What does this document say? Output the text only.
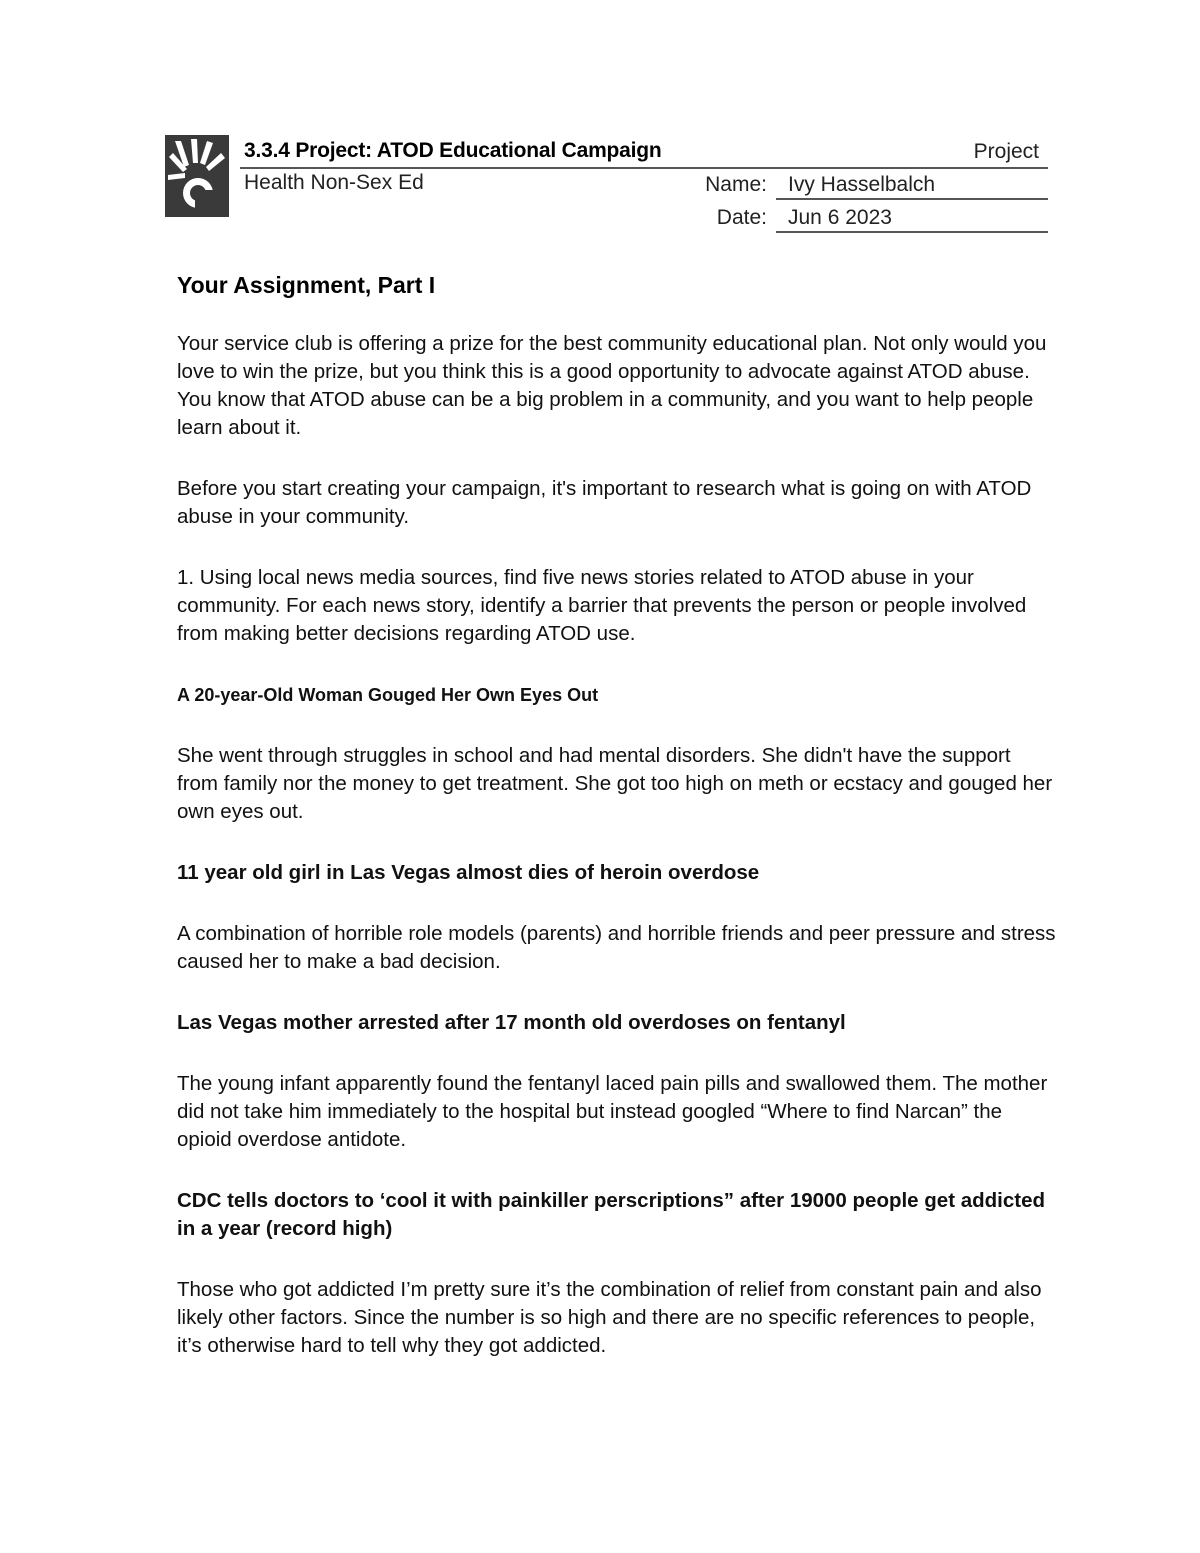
3.3.4 Project: ATOD Educational Campaign	Project
Health Non-Sex Ed	Name: Ivy Hasselbalch
Date: Jun 6 2023
Your Assignment, Part I

Your service club is offering a prize for the best community educational plan. Not only would you love to win the prize, but you think this is a good opportunity to advocate against ATOD abuse. You know that ATOD abuse can be a big problem in a community, and you want to help people learn about it.

Before you start creating your campaign, it's important to research what is going on with ATOD abuse in your community.

1. Using local news media sources, find five news stories related to ATOD abuse in your community. For each news story, identify a barrier that prevents the person or people involved from making better decisions regarding ATOD use.

A 20-year-Old Woman Gouged Her Own Eyes Out

She went through struggles in school and had mental disorders. She didn't have the support from family nor the money to get treatment. She got too high on meth or ecstacy and gouged her own eyes out.

11 year old girl in Las Vegas almost dies of heroin overdose

A combination of horrible role models (parents) and horrible friends and peer pressure and stress caused her to make a bad decision.

Las Vegas mother arrested after 17 month old overdoses on fentanyl

The young infant apparently found the fentanyl laced pain pills and swallowed them. The mother did not take him immediately to the hospital but instead googled “Where to find Narcan” the opioid overdose antidote.

CDC tells doctors to ‘cool it with painkiller perscriptions” after 19000 people get addicted in a year (record high)

Those who got addicted I’m pretty sure it’s the combination of relief from constant pain and also likely other factors. Since the number is so high and there are no specific references to people, it’s otherwise hard to tell why they got addicted.
